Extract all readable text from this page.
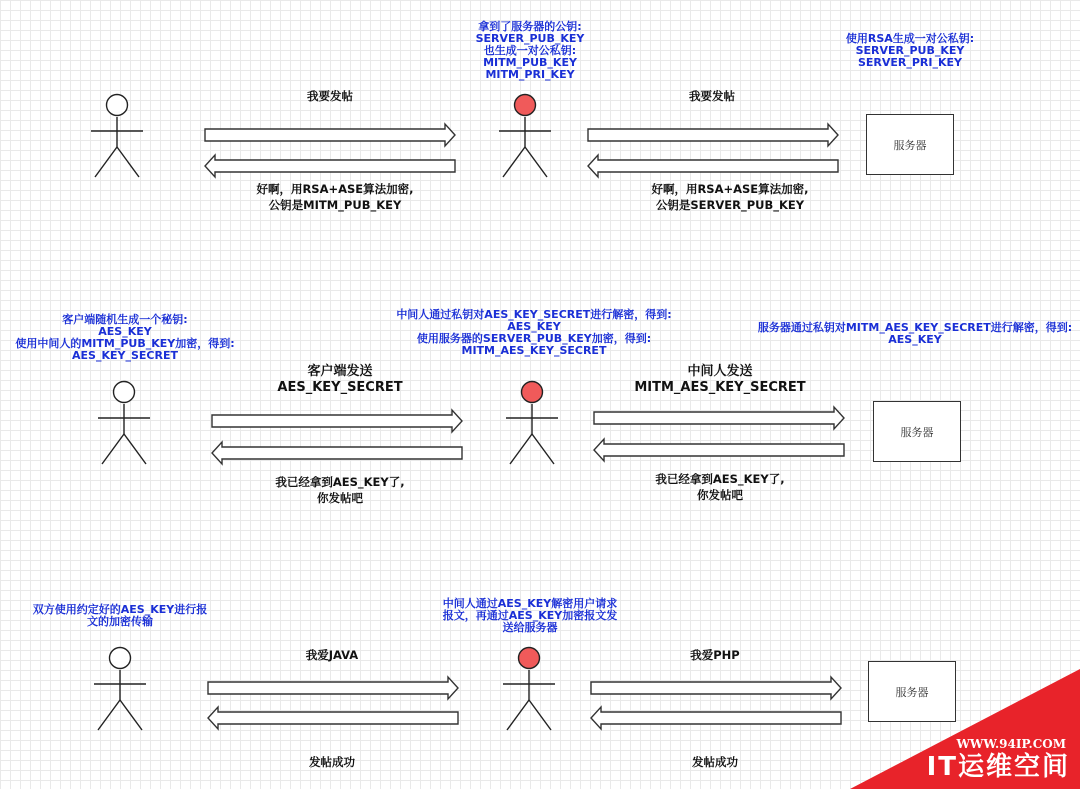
服务器
服务器
服务器
拿到了服务器的公钥:
SERVER_PUB_KEY
也生成一对公私钥:
MITM_PUB_KEY
MITM_PRI_KEY
使用RSA生成一对公私钥:
SERVER_PUB_KEY
SERVER_PRI_KEY
我要发帖	我要发帖
好啊，用RSA+ASE算法加密,
公钥是MITM_PUB_KEY
好啊，用RSA+ASE算法加密,
公钥是SERVER_PUB_KEY
客户端随机生成一个秘钥:
AES_KEY
使用中间人的MITM_PUB_KEY加密，得到:
AES_KEY_SECRET
中间人通过私钥对AES_KEY_SECRET进行解密，得到:
AES_KEY
使用服务器的SERVER_PUB_KEY加密，得到:
MITM_AES_KEY_SECRET
服务器通过私钥对MITM_AES_KEY_SECRET进行解密，得到:
AES_KEY
客户端发送
AES_KEY_SECRET
中间人发送
MITM_AES_KEY_SECRET
我已经拿到AES_KEY了,
你发帖吧
我已经拿到AES_KEY了,
你发帖吧
双方使用约定好的AES_KEY进行报
文的加密传输
中间人通过AES_KEY解密用户请求
报文，再通过AES_KEY加密报文发
送给服务器
我爱JAVA	我爱PHP
发帖成功	发帖成功
WWW.94IP.COM
IT运维空间
